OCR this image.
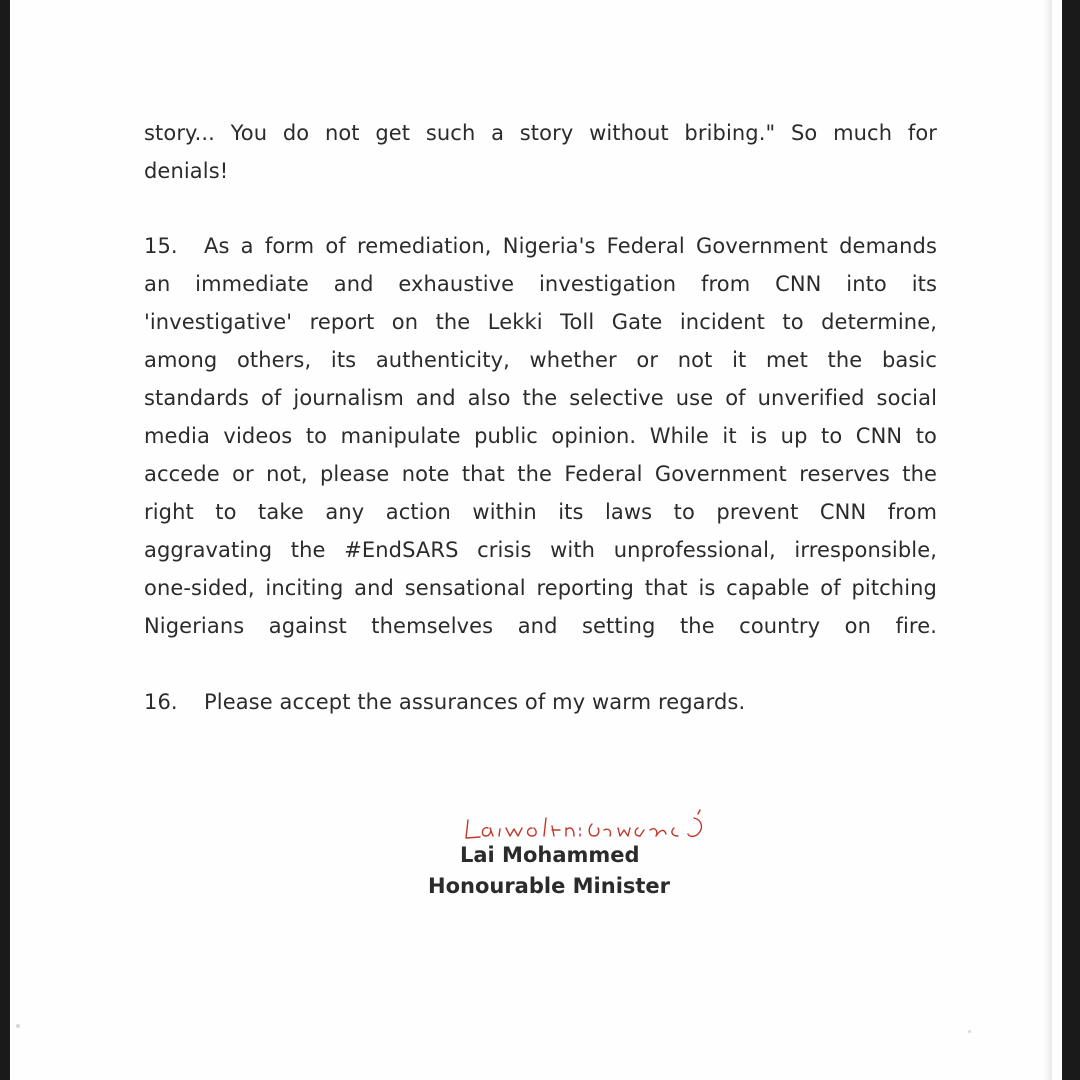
story... You do not get such a story without bribing." So much for
denials!
15. As a form of remediation, Nigeria's Federal Government demands
an immediate and exhaustive investigation from CNN into its
'investigative' report on the Lekki Toll Gate incident to determine,
among others, its authenticity, whether or not it met the basic
standards of journalism and also the selective use of unverified social
media videos to manipulate public opinion. While it is up to CNN to
accede or not, please note that the Federal Government reserves the
right to take any action within its laws to prevent CNN from
aggravating the #EndSARS crisis with unprofessional, irresponsible,
one-sided, inciting and sensational reporting that is capable of pitching
Nigerians against themselves and setting the country on fire.
16. Please accept the assurances of my warm regards.
Lai Mohammed
Honourable Minister
